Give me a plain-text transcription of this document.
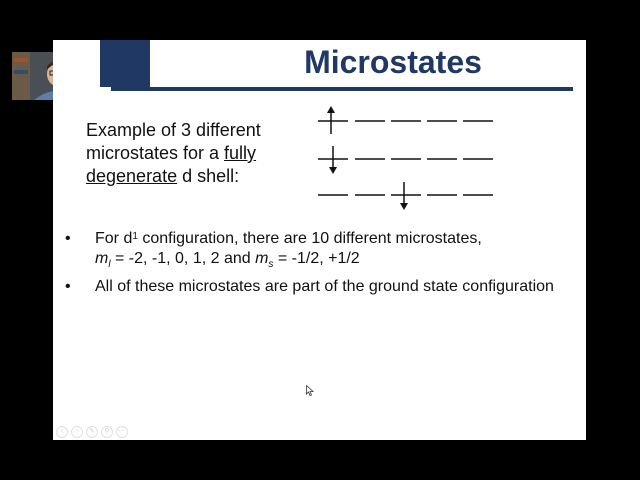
Microstates
Example of 3 different
microstates for a fully
degenerate d shell:
• For $d^1$ configuration, there are 10 different microstates,
$m_l = -2$, -1, 0, 1, 2 and $m_s = -1/2$, +1/2
• All of these microstates are part of the ground state configuration
‹	›	✎	⚲	⋯
